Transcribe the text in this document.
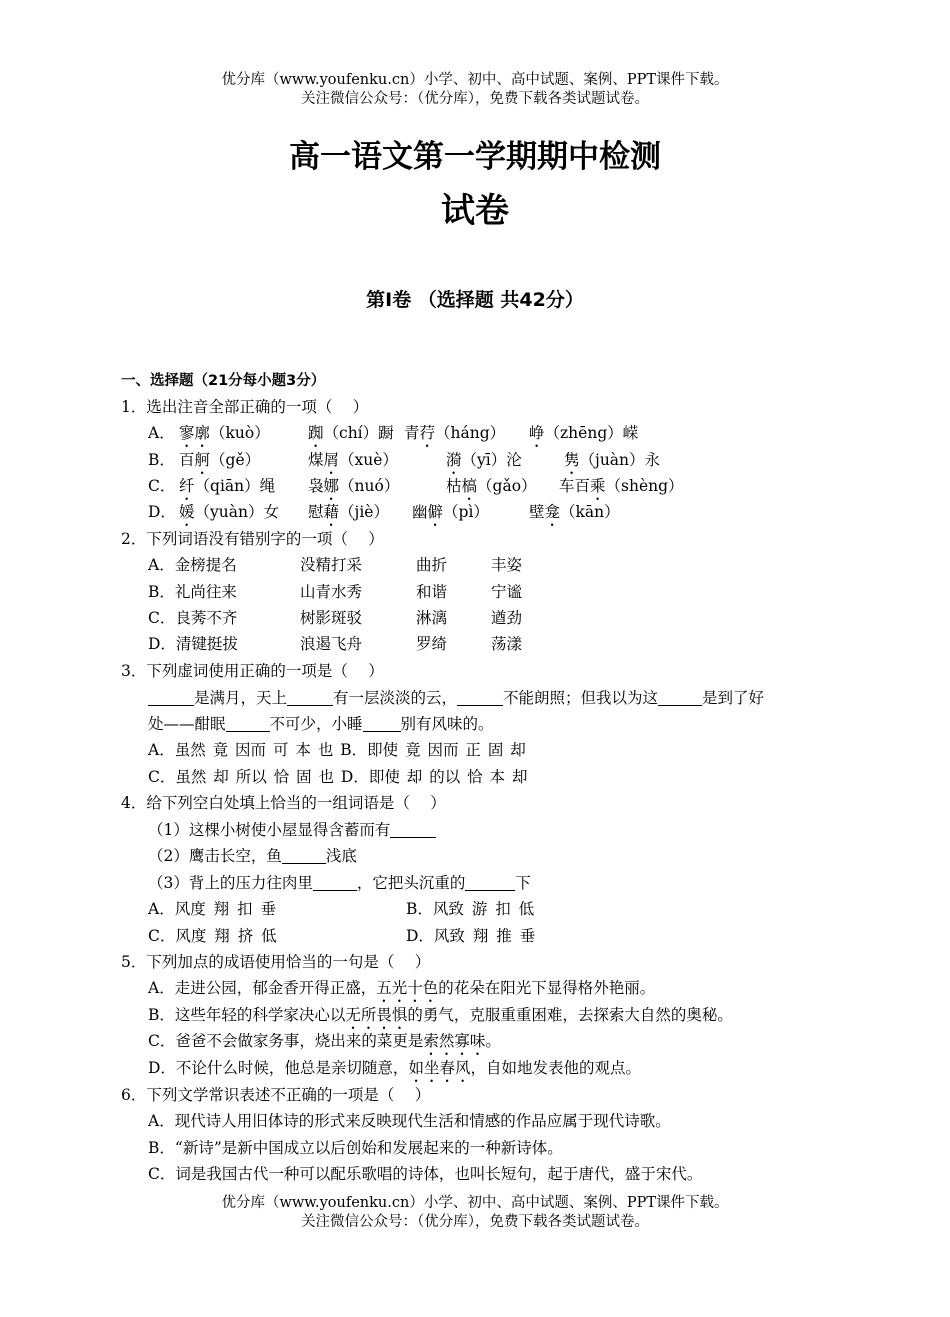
优分库（www.youfenku.cn）小学、初中、高中试题、案例、PPT课件下载。
关注微信公众号：（优分库），免费下载各类试题试卷。
高一语文第一学期期中检测
试卷
第I卷 （选择题 共42分）
一、选择题（21分每小题3分）
1．选出注音全部正确的一项（　 ）
A． 寥廓（kuò） 踟（chí）蹰 青荇（háng） 峥（zhēng）嵘
B． 百舸（gě）	煤屑（xuè）	漪（yī）沦	隽（juàn）永
C． 纤（qiān）绳 袅娜（nuó）	枯槁（gǎo） 车百乘（shèng）
D． 媛（yuàn）女 慰藉（jiè） 幽僻（pì）	壁龛（kān）
2．下列词语没有错别字的一项（　 ）
A．金榜提名	没精打采	曲折	丰姿
B．礼尚往来	山青水秀	和谐	宁谧
C．良莠不齐	树影斑驳	淋漓	遒劲
D．清键挺拔	浪遏飞舟	罗绮	荡漾
3．下列虚词使用正确的一项是（　 ）
是满月，天上	有一层淡淡的云，	不能朗照；但我以为这	是到了好
处——酣眠	不可少，小睡 别有风味的。
A．虽然 竟 因而 可 本 也 B．即使 竟 因而 正 固 却
C．虽然 却 所以 恰 固 也 D．即使 却 的以 恰 本 却
4．给下列空白处填上恰当的一组词语是（　 ）
（1）这棵小树使小屋显得含蓄而有
（2）鹰击长空，鱼	浅底
（3）背上的压力往肉里	，它把头沉重的	下
A．风度 翔 扣 垂	B．风致 游 扣 低
C．风度 翔 挤 低	D．风致 翔 推 垂
5．下列加点的成语使用恰当的一句是（　 ）
A．走进公园，郁金香开得正盛，五光十色的花朵在阳光下显得格外艳丽。
B．这些年轻的科学家决心以无所畏惧的勇气，克服重重困难，去探索大自然的奥秘。
C．爸爸不会做家务事，烧出来的菜更是索然寡味。
D．不论什么时候，他总是亲切随意，如坐春风，自如地发表他的观点。
6．下列文学常识表述不正确的一项是（　 ）
A．现代诗人用旧体诗的形式来反映现代生活和情感的作品应属于现代诗歌。
B．“新诗”是新中国成立以后创始和发展起来的一种新诗体。
C．词是我国古代一种可以配乐歌唱的诗体，也叫长短句，起于唐代，盛于宋代。
优分库（www.youfenku.cn）小学、初中、高中试题、案例、PPT课件下载。
关注微信公众号：（优分库），免费下载各类试题试卷。
